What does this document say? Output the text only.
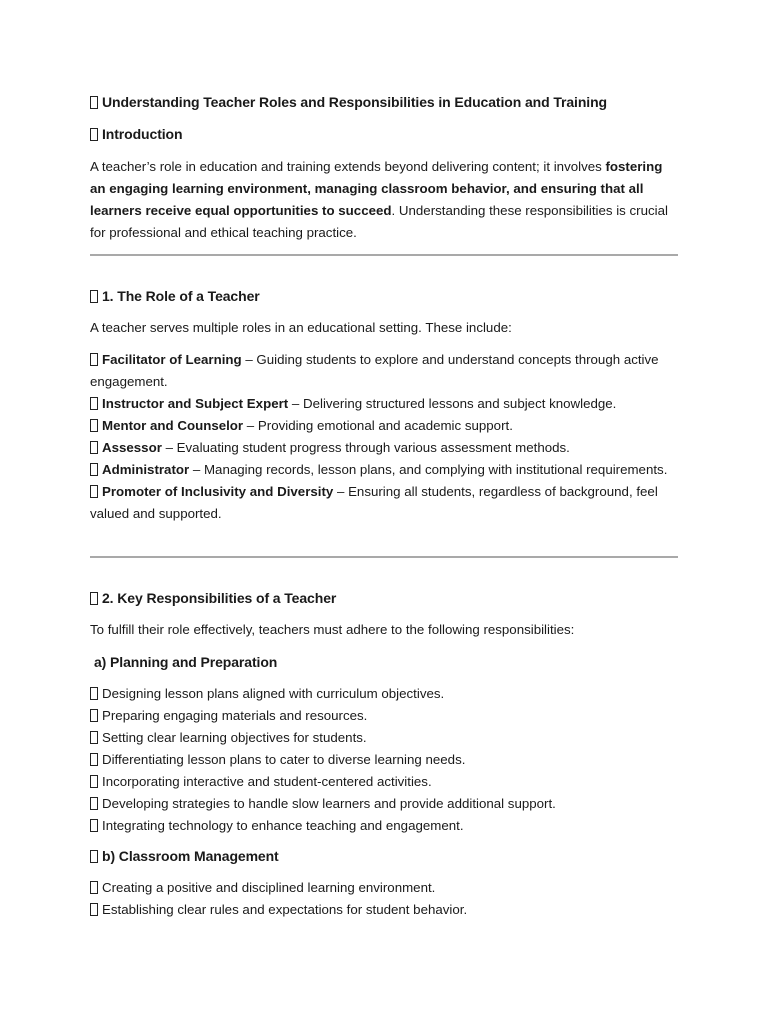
Understanding Teacher Roles and Responsibilities in Education and Training
Introduction
A teacher’s role in education and training extends beyond delivering content; it involves fostering an engaging learning environment, managing classroom behavior, and ensuring that all learners receive equal opportunities to succeed. Understanding these responsibilities is crucial for professional and ethical teaching practice.
1. The Role of a Teacher
A teacher serves multiple roles in an educational setting. These include:
Facilitator of Learning – Guiding students to explore and understand concepts through active engagement.
Instructor and Subject Expert – Delivering structured lessons and subject knowledge.
Mentor and Counselor – Providing emotional and academic support.
Assessor – Evaluating student progress through various assessment methods.
Administrator – Managing records, lesson plans, and complying with institutional requirements.
Promoter of Inclusivity and Diversity – Ensuring all students, regardless of background, feel valued and supported.
2. Key Responsibilities of a Teacher
To fulfill their role effectively, teachers must adhere to the following responsibilities:
a) Planning and Preparation
Designing lesson plans aligned with curriculum objectives.
Preparing engaging materials and resources.
Setting clear learning objectives for students.
Differentiating lesson plans to cater to diverse learning needs.
Incorporating interactive and student-centered activities.
Developing strategies to handle slow learners and provide additional support.
Integrating technology to enhance teaching and engagement.
b) Classroom Management
Creating a positive and disciplined learning environment.
Establishing clear rules and expectations for student behavior.
